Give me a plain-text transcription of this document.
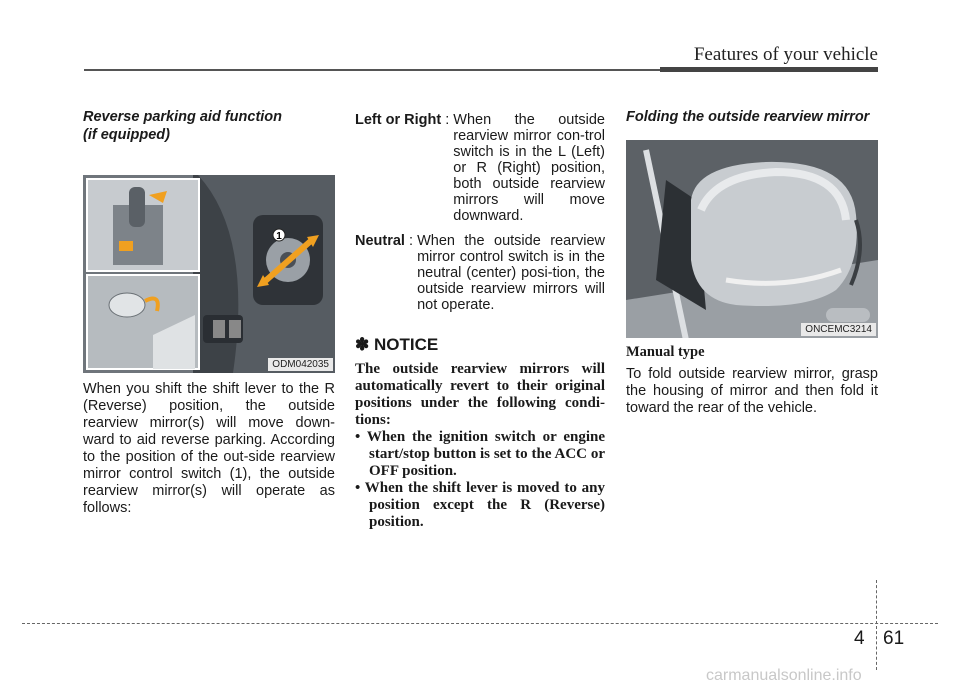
Features of your vehicle

Reverse parking aid function
(if equipped)

1
ODM042035

When you shift the shift lever to the R (Reverse) position, the outside rearview mirror(s) will move down-ward to aid reverse parking. According to the position of the out-side rearview mirror control switch (1), the outside rearview mirror(s) will operate as follows:

Left or Right : When the outside rearview mirror con-trol switch is in the L (Left) or R (Right) position, both outside rearview mirrors will move downward.
Neutral : When the outside rearview mirror control switch is in the neutral (center) posi-tion, the outside rearview mirrors will not operate.
✽ NOTICE

The outside rearview mirrors will automatically revert to their original positions under the following condi-tions:

• When the ignition switch or engine start/stop button is set to the ACC or OFF position.
• When the shift lever is moved to any position except the R (Reverse) position.

Folding the outside rearview mirror

ONCEMC3214

Manual type

To fold outside rearview mirror, grasp the housing of mirror and then fold it toward the rear of the vehicle.

4 61
carmanualsonline.info
